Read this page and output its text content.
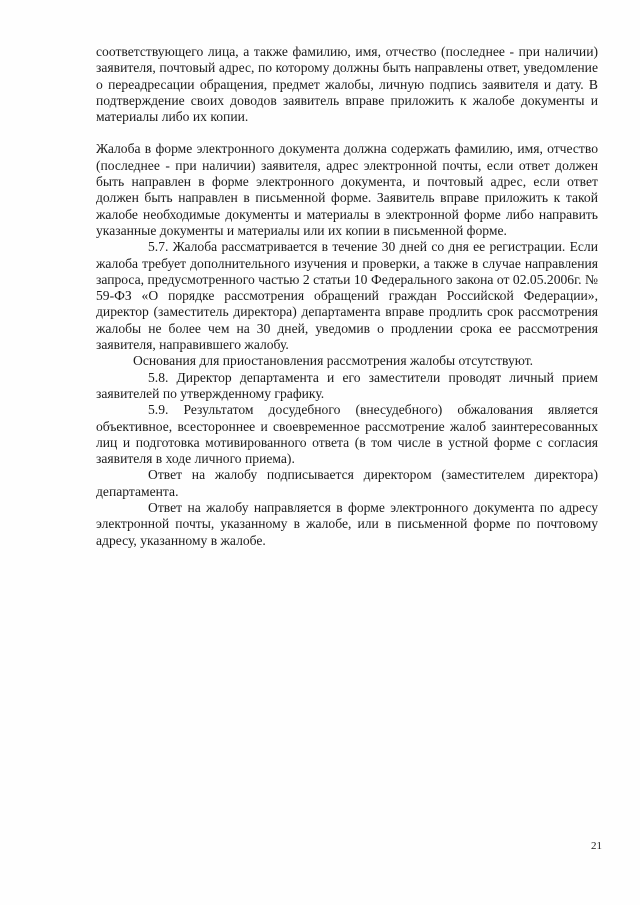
соответствующего лица, а также фамилию, имя, отчество (последнее - при наличии) заявителя, почтовый адрес, по которому должны быть направлены ответ, уведомление о переадресации обращения, предмет жалобы, личную подпись заявителя и дату. В подтверждение своих доводов заявитель вправе приложить к жалобе документы и материалы либо их копии.

Жалоба в форме электронного документа должна содержать фамилию, имя, отчество (последнее - при наличии) заявителя, адрес электронной почты, если ответ должен быть направлен в форме электронного документа, и почтовый адрес, если ответ должен быть направлен в письменной форме. Заявитель вправе приложить к такой жалобе необходимые документы и материалы в электронной форме либо направить указанные документы и материалы или их копии в письменной форме.

5.7. Жалоба рассматривается в течение 30 дней со дня ее регистрации. Если жалоба требует дополнительного изучения и проверки, а также в случае направления запроса, предусмотренного частью 2 статьи 10 Федерального закона от 02.05.2006г. № 59-ФЗ «О порядке рассмотрения обращений граждан Российской Федерации», директор (заместитель директора) департамента вправе продлить срок рассмотрения жалобы не более чем на 30 дней, уведомив о продлении срока ее рассмотрения заявителя, направившего жалобу.

Основания для приостановления рассмотрения жалобы отсутствуют.

5.8. Директор департамента и его заместители проводят личный прием заявителей по утвержденному графику.

5.9. Результатом досудебного (внесудебного) обжалования является объективное, всестороннее и своевременное рассмотрение жалоб заинтересованных лиц и подготовка мотивированного ответа (в том числе в устной форме с согласия заявителя в ходе личного приема).

Ответ на жалобу подписывается директором (заместителем директора) департамента.

Ответ на жалобу направляется в форме электронного документа по адресу электронной почты, указанному в жалобе, или в письменной форме по почтовому адресу, указанному в жалобе.

21
